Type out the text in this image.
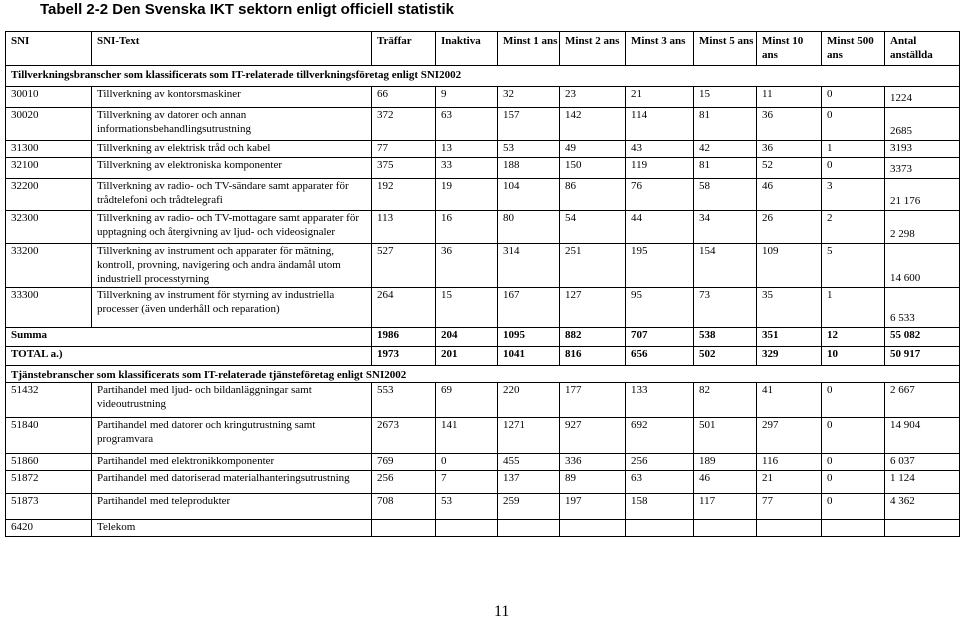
Tabell 2-2 Den Svenska IKT sektorn enligt officiell statistik
SNI	SNI-Text	Träffar	Inaktiva	Minst 1 ans	Minst 2 ans	Minst 3 ans	Minst 5 ans	Minst 10 ans	Minst 500 ans	Antal anställda
Tillverkningsbranscher som klassificerats som IT-relaterade tillverkningsföretag enligt SNI2002										
30010	Tillverkning av kontorsmaskiner	66	9	32	23	21	15	11	0	1224
30020	Tillverkning av datorer och annan informationsbehandlingsutrustning	372	63	157	142	114	81	36	0	2685
31300	Tillverkning av elektrisk tråd och kabel	77	13	53	49	43	42	36	1	3193
32100	Tillverkning av elektroniska komponenter	375	33	188	150	119	81	52	0	3373
32200	Tillverkning av radio- och TV-sändare samt apparater för trådtelefoni och trådtelegrafi	192	19	104	86	76	58	46	3	21 176
32300	Tillverkning av radio- och TV-mottagare samt apparater för upptagning och återgivning av ljud- och videosignaler	113	16	80	54	44	34	26	2	2 298
33200	Tillverkning av instrument och apparater för mätning, kontroll, provning, navigering och andra ändamål utom industriell processtyrning	527	36	314	251	195	154	109	5	14 600
33300	Tillverkning av instrument för styrning av industriella processer (även underhåll och reparation)	264	15	167	127	95	73	35	1	6 533
Summa		1986	204	1095	882	707	538	351	12	55 082
TOTAL a.)		1973	201	1041	816	656	502	329	10	50 917
Tjänstebranscher som klassificerats som IT-relaterade tjänsteföretag enligt SNI2002										
51432	Partihandel med ljud- och bildanläggningar samt videoutrustning	553	69	220	177	133	82	41	0	2 667
51840	Partihandel med datorer och kringutrustning samt programvara	2673	141	1271	927	692	501	297	0	14 904
51860	Partihandel med elektronikkomponenter	769	0	455	336	256	189	116	0	6 037
51872	Partihandel med datoriserad materialhanteringsutrustning	256	7	137	89	63	46	21	0	1 124
51873	Partihandel med teleprodukter	708	53	259	197	158	117	77	0	4 362
6420	Telekom									
11
